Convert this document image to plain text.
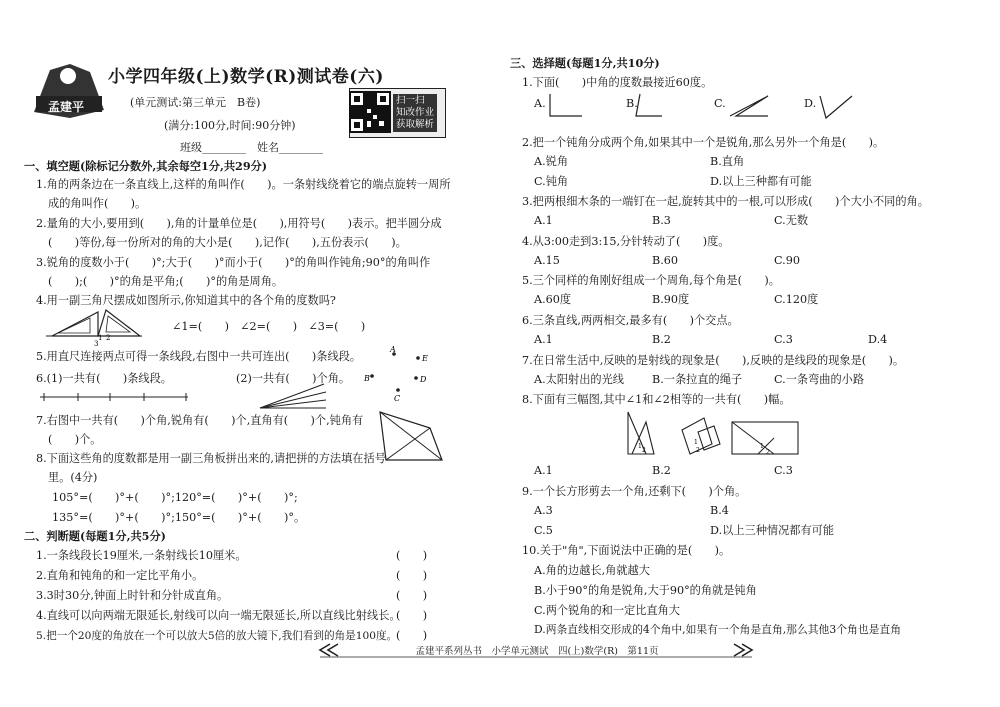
孟建平
小学四年级(上)数学(R)测试卷(六)
(单元测试:第三单元　B卷)
(满分:100分,时间:90分钟)
班级________　姓名________
扫一扫
知改作业
获取解析
一、填空题(除标记分数外,其余每空1分,共29分)
1.角的两条边在一条直线上,这样的角叫作(　　)。一条射线绕着它的端点旋转一周所
成的角叫作(　　)。
2.量角的大小,要用到(　　),角的计量单位是(　　),用符号(　　)表示。把半圆分成
(　　)等份,每一份所对的角的大小是(　　),记作(　　),五份表示(　　)。
3.锐角的度数小于(　　)°;大于(　　)°而小于(　　)°的角叫作钝角;90°的角叫作
(　　);(　　)°的角是平角;(　　)°的角是周角。
4.用一副三角尺摆成如图所示,你知道其中的各个角的度数吗?
1 2
3
∠1=(　　)　∠2=(　　)　∠3=(　　)
5.用直尺连接两点可得一条线段,右图中一共可连出(　　)条线段。
A
E
B	D
C
6.(1)一共有(　　)条线段。	(2)一共有(　　)个角。
7.右图中一共有(　　)个角,锐角有(　　)个,直角有(　　)个,钝角有
(　　)个。
8.下面这些角的度数都是用一副三角板拼出来的,请把拼的方法填在括号
里。(4分)
105°=(　　)°+(　　)°;120°=(　　)°+(　　)°;
135°=(　　)°+(　　)°;150°=(　　)°+(　　)°。
二、判断题(每题1分,共5分)
1.一条线段长19厘米,一条射线长10厘米。	(　　)
2.直角和钝角的和一定比平角小。	(　　)
3.3时30分,钟面上时针和分针成直角。	(　　)
4.直线可以向两端无限延长,射线可以向一端无限延长,所以直线比射线长。
(　　)
5.把一个20度的角放在一个可以放大5倍的放大镜下,我们看到的角是100度。
(　　)
三、选择题(每题1分,共10分)
1.下面(　　)中角的度数最接近60度。
A.	B.	C.	D.
2.把一个钝角分成两个角,如果其中一个是锐角,那么另外一个角是(　　)。
A.锐角	B.直角
C.钝角	D.以上三种都有可能
3.把两根细木条的一端钉在一起,旋转其中的一根,可以形成(　　)个大小不同的角。
A.1	B.3	C.无数
4.从3:00走到3:15,分针转动了(　　)度。
A.15	B.60	C.90
5.三个同样的角刚好组成一个周角,每个角是(　　)。
A.60度	B.90度	C.120度
6.三条直线,两两相交,最多有(　　)个交点。
A.1	B.2	C.3	D.4
7.在日常生活中,反映的是射线的现象是(　　),反映的是线段的现象是(　　)。
A.太阳射出的光线	B.一条拉直的绳子	C.一条弯曲的小路
8.下面有三幅图,其中∠1和∠2相等的一共有(　　)幅。
1
2
1
2
1
2
A.1	B.2	C.3
9.一个长方形剪去一个角,还剩下(　　)个角。
A.3	B.4
C.5	D.以上三种情况都有可能
10.关于"角",下面说法中正确的是(　　)。
A.角的边越长,角就越大
B.小于90°的角是锐角,大于90°的角就是钝角
C.两个锐角的和一定比直角大
D.两条直线相交形成的4个角中,如果有一个角是直角,那么其他3个角也是直角
孟建平系列丛书　小学单元测试　四(上)数学(R)　第11页
